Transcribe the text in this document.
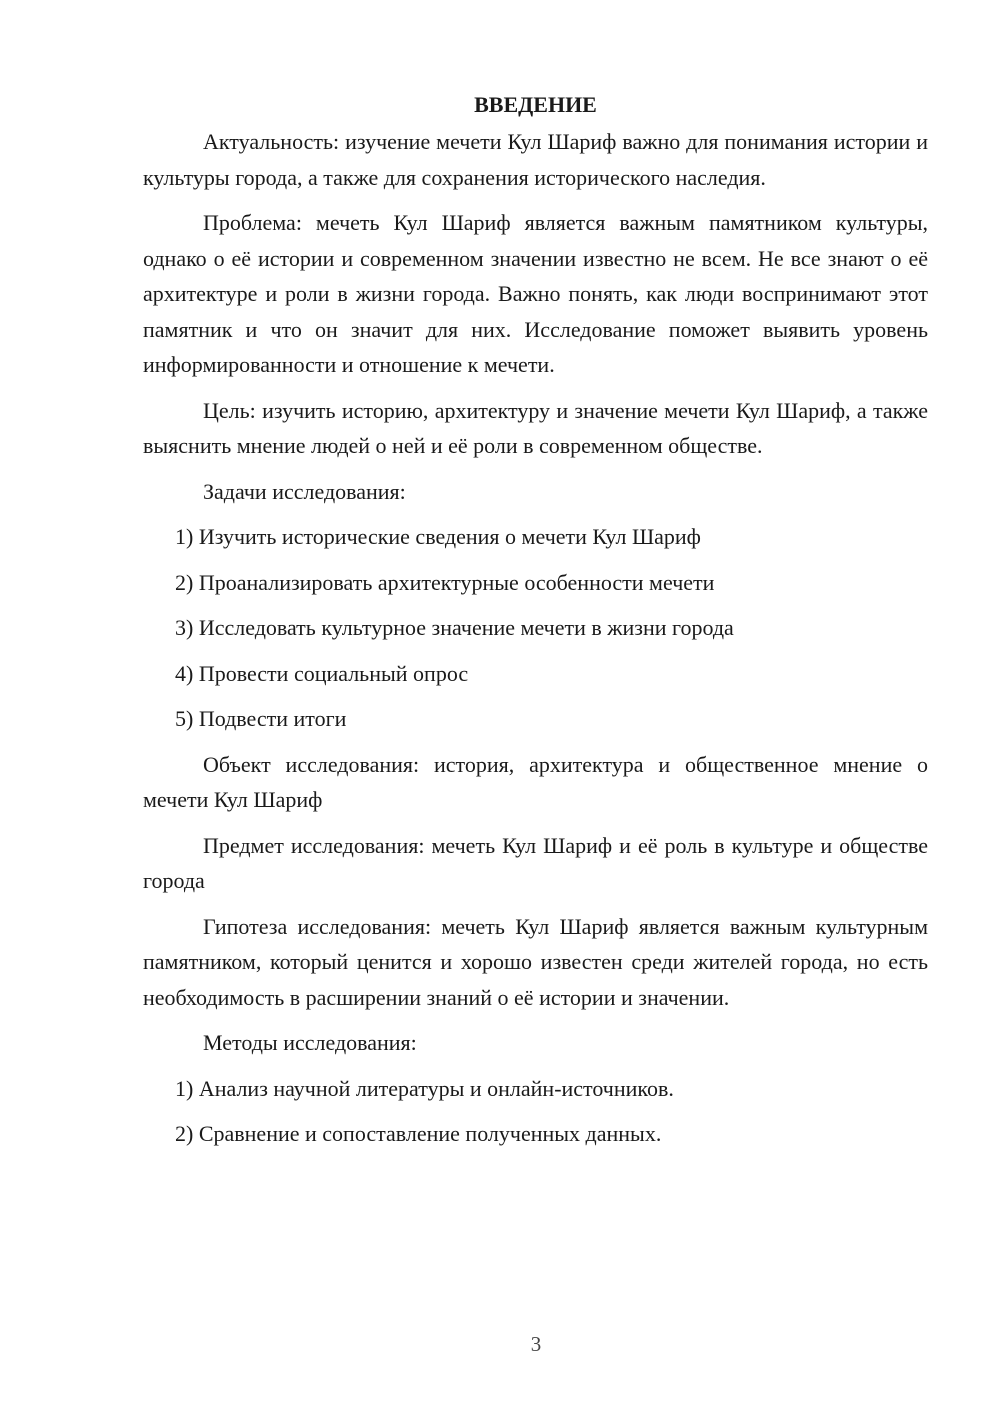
ВВЕДЕНИЕ

Актуальность: изучение мечети Кул Шариф важно для понимания истории и культуры города, а также для сохранения исторического наследия.

Проблема: мечеть Кул Шариф является важным памятником культуры, однако о её истории и современном значении известно не всем. Не все знают о её архитектуре и роли в жизни города. Важно понять, как люди воспринимают этот памятник и что он значит для них. Исследование поможет выявить уровень информированности и отношение к мечети.

Цель: изучить историю, архитектуру и значение мечети Кул Шариф, а также выяснить мнение людей о ней и её роли в современном обществе.

Задачи исследования:

1) Изучить исторические сведения о мечети Кул Шариф

2) Проанализировать архитектурные особенности мечети

3) Исследовать культурное значение мечети в жизни города

4) Провести социальный опрос

5) Подвести итоги

Объект исследования: история, архитектура и общественное мнение о мечети Кул Шариф

Предмет исследования: мечеть Кул Шариф и её роль в культуре и обществе города

Гипотеза исследования: мечеть Кул Шариф является важным культурным памятником, который ценится и хорошо известен среди жителей города, но есть необходимость в расширении знаний о её истории и значении.

Методы исследования:

1) Анализ научной литературы и онлайн-источников.

2) Сравнение и сопоставление полученных данных.

3
